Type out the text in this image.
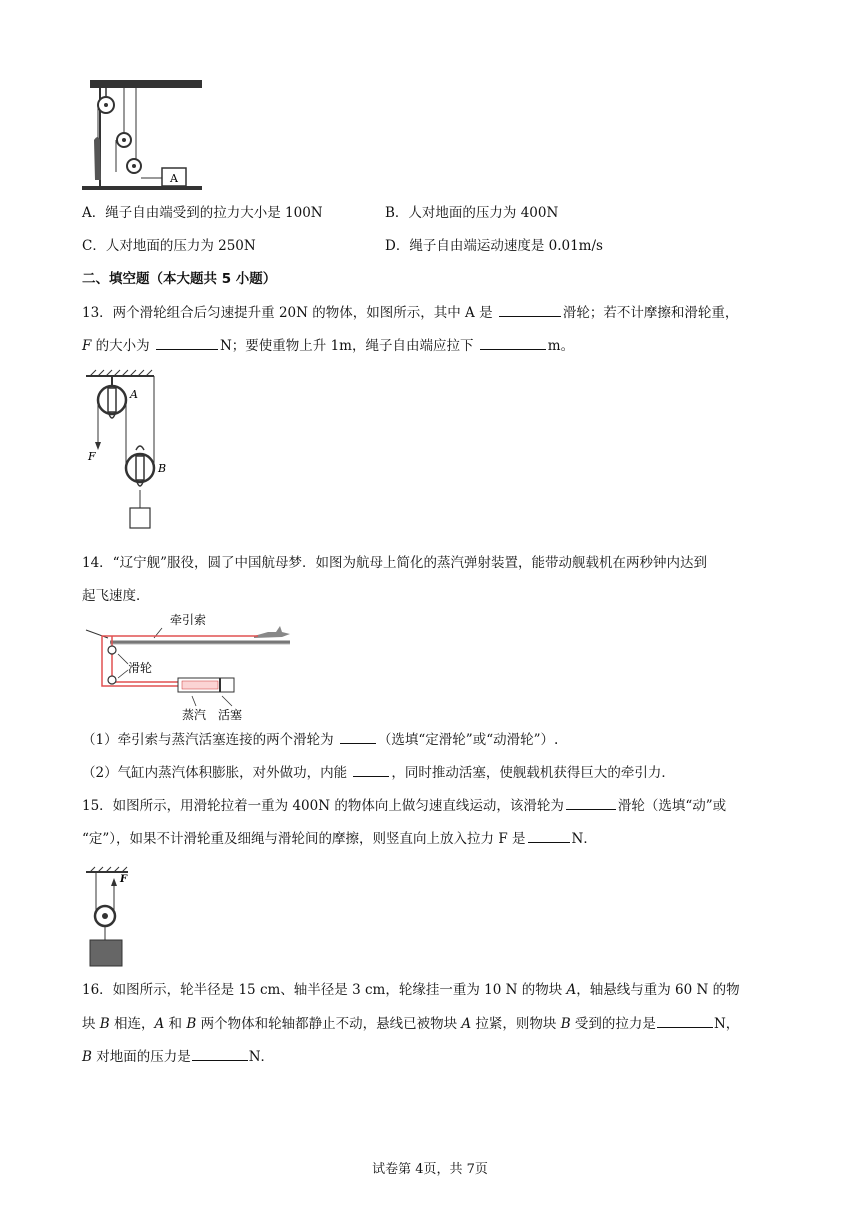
A
A．绳子自由端受到的拉力大小是 100N	B．人对地面的压力为 400N
C．人对地面的压力为 250N	D．绳子自由端运动速度是 0.01m/s
二、填空题（本大题共 5 小题）
13．两个滑轮组合后匀速提升重 20N 的物体，如图所示，其中 A 是	滑轮；若不计摩擦和滑轮重，
F 的大小为	N；要使重物上升 1m，绳子自由端应拉下	m。
A
F
B
14．“辽宁舰”服役，圆了中国航母梦．如图为航母上简化的蒸汽弹射装置，能带动舰载机在两秒钟内达到
起飞速度．
牵引索
滑轮
蒸汽 活塞
（1）牵引索与蒸汽活塞连接的两个滑轮为	（选填“定滑轮”或“动滑轮”）.
（2）气缸内蒸汽体积膨胀，对外做功，内能	，同时推动活塞，使舰载机获得巨大的牵引力．
15．如图所示，用滑轮拉着一重为 400N 的物体向上做匀速直线运动，该滑轮为	滑轮（选填“动”或
“定”），如果不计滑轮重及细绳与滑轮间的摩擦，则竖直向上放入拉力 F 是	N．
F
16．如图所示，轮半径是 15 cm、轴半径是 3 cm，轮缘挂一重为 10 N 的物块 A，轴悬线与重为 60 N 的物
块 B 相连，A 和 B 两个物体和轮轴都静止不动，悬线已被物块 A 拉紧，则物块 B 受到的拉力是	N，
B 对地面的压力是	N．
试卷第 4页，共 7页
